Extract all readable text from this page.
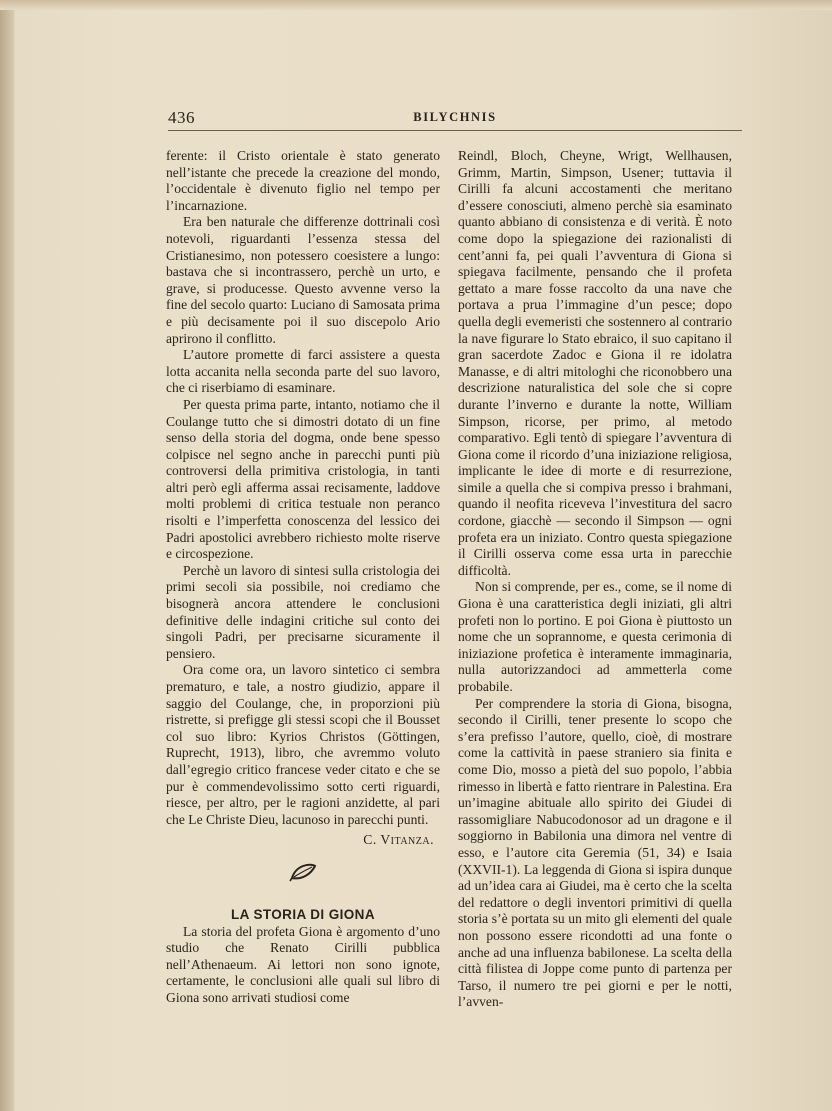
436	BILYCHNIS

ferente: il Cristo orientale è stato generato nell’istante che precede la creazione del mondo, l’occidentale è divenuto figlio nel tempo per l’incarnazione.

Era ben naturale che differenze dottrinali così notevoli, riguardanti l’essenza stessa del Cristianesimo, non potessero coesistere a lungo: bastava che si incontrassero, perchè un urto, e grave, si producesse. Questo avvenne verso la fine del secolo quarto: Luciano di Samosata prima e più decisamente poi il suo discepolo Ario aprirono il conflitto.

L’autore promette di farci assistere a questa lotta accanita nella seconda parte del suo lavoro, che ci riserbiamo di esaminare.

Per questa prima parte, intanto, notiamo che il Coulange tutto che si dimostri dotato di un fine senso della storia del dogma, onde bene spesso colpisce nel segno anche in parecchi punti più controversi della primitiva cristologia, in tanti altri però egli afferma assai recisamente, laddove molti problemi di critica testuale non peranco risolti e l’imperfetta conoscenza del lessico dei Padri apostolici avrebbero richiesto molte riserve e circospezione.

Perchè un lavoro di sintesi sulla cristologia dei primi secoli sia possibile, noi crediamo che bisognerà ancora attendere le conclusioni definitive delle indagini critiche sul conto dei singoli Padri, per precisarne sicuramente il pensiero.

Ora come ora, un lavoro sintetico ci sembra prematuro, e tale, a nostro giudizio, appare il saggio del Coulange, che, in proporzioni più ristrette, si prefigge gli stessi scopi che il Bousset col suo libro: Kyrios Christos (Göttingen, Ruprecht, 1913), libro, che avremmo voluto dall’egregio critico francese veder citato e che se pur è commendevolissimo sotto certi riguardi, riesce, per altro, per le ragioni anzidette, al pari che Le Christe Dieu, lacunoso in parecchi punti.

C. Vitanza.
LA STORIA DI GIONA

La storia del profeta Giona è argomento d’uno studio che Renato Cirilli pubblica nell’Athenaeum. Ai lettori non sono ignote, certamente, le conclusioni alle quali sul libro di Giona sono arrivati studiosi come

Reindl, Bloch, Cheyne, Wrigt, Wellhausen, Grimm, Martin, Simpson, Usener; tuttavia il Cirilli fa alcuni accostamenti che meritano d’essere conosciuti, almeno perchè sia esaminato quanto abbiano di consistenza e di verità. È noto come dopo la spiegazione dei razionalisti di cent’anni fa, pei quali l’avventura di Giona si spiegava facilmente, pensando che il profeta gettato a mare fosse raccolto da una nave che portava a prua l’immagine d’un pesce; dopo quella degli evemeristi che sostennero al contrario la nave figurare lo Stato ebraico, il suo capitano il gran sacerdote Zadoc e Giona il re idolatra Manasse, e di altri mitologhi che riconobbero una descrizione naturalistica del sole che si copre durante l’inverno e durante la notte, William Simpson, ricorse, per primo, al metodo comparativo. Egli tentò di spiegare l’avventura di Giona come il ricordo d’una iniziazione religiosa, implicante le idee di morte e di resurrezione, simile a quella che si compiva presso i brahmani, quando il neofita riceveva l’investitura del sacro cordone, giacchè — secondo il Simpson — ogni profeta era un iniziato. Contro questa spiegazione il Cirilli osserva come essa urta in parecchie difficoltà.

Non si comprende, per es., come, se il nome di Giona è una caratteristica degli iniziati, gli altri profeti non lo portino. E poi Giona è piuttosto un nome che un soprannome, e questa cerimonia di iniziazione profetica è interamente immaginaria, nulla autorizzandoci ad ammetterla come probabile.

Per comprendere la storia di Giona, bisogna, secondo il Cirilli, tener presente lo scopo che s’era prefisso l’autore, quello, cioè, di mostrare come la cattività in paese straniero sia finita e come Dio, mosso a pietà del suo popolo, l’abbia rimesso in libertà e fatto rientrare in Palestina. Era un’imagine abituale allo spirito dei Giudei di rassomigliare Nabucodonosor ad un dragone e il soggiorno in Babilonia una dimora nel ventre di esso, e l’autore cita Geremia (51, 34) e Isaia (XXVII-1). La leggenda di Giona si ispira dunque ad un’idea cara ai Giudei, ma è certo che la scelta del redattore o degli inventori primitivi di quella storia s’è portata su un mito gli elementi del quale non possono essere ricondotti ad una fonte o anche ad una influenza babilonese. La scelta della città filistea di Joppe come punto di partenza per Tarso, il numero tre pei giorni e per le notti, l’avven-
